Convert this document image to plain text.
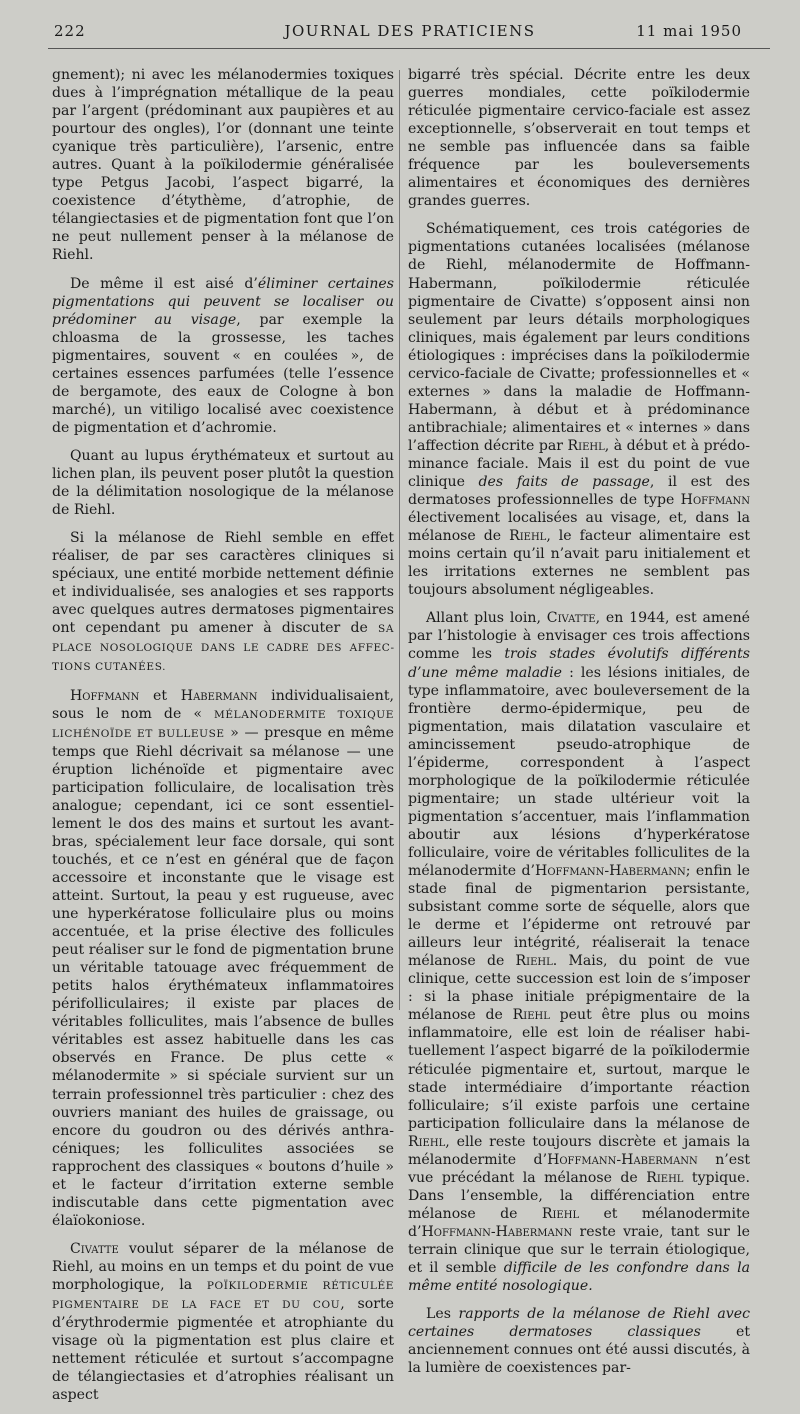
222	JOURNAL DES PRATICIENS	11 mai 1950

gnement); ni avec les mélanodermies toxiques dues à l’imprégnation métallique de la peau par l’argent (prédominant aux paupières et au pourtour des ongles), l’or (donnant une teinte cyanique très particulière), l’arsenic, entre autres. Quant à la poïkilodermie généralisée type Petgus Jacobi, l’aspect bigarré, la coexistence d’étythème, d’atrophie, de télangiectasies et de pigmentation font que l’on ne peut nullement penser à la mélanose de Riehl.

De même il est aisé d’éliminer certaines pigmentations qui peuvent se localiser ou prédominer au visage, par exemple la chloasma de la grossesse, les taches pigmentaires, souvent « en coulées », de certaines essences parfumées (telle l’essence de bergamote, des eaux de Cologne à bon marché), un vitiligo localisé avec coexistence de pigmentation et d’achromie.

Quant au lupus érythémateux et surtout au lichen plan, ils peuvent poser plutôt la question de la délimitation nosologique de la mélanose de Riehl.

Si la mélanose de Riehl semble en effet réaliser, de par ses caractères cliniques si spéciaux, une entité morbide nettement définie et individualisée, ses analogies et ses rapports avec quelques autres dermatoses pigmentaires ont cependant pu amener à discuter de SA PLACE NOSOLOGIQUE DANS LE CADRE DES AFFECTIONS CUTANÉES.

Hoffmann et Habermann individualisaient, sous le nom de « MÉLANODERMITE TOXIQUE LICHÉNOÏDE ET BULLEUSE » — presque en même temps que Riehl décrivait sa mélanose — une éruption lichénoïde et pigmentaire avec participation folliculaire, de localisation très analogue; cependant, ici ce sont essentiellement le dos des mains et surtout les avant-bras, spécialement leur face dorsale, qui sont touchés, et ce n’est en général que de façon accessoire et inconstante que le visage est atteint. Surtout, la peau y est rugueuse, avec une hyperkératose folliculaire plus ou moins accentuée, et la prise élective des follicules peut réaliser sur le fond de pigmentation brune un véritable tatouage avec fréquemment de petits halos érythémateux inflammatoires périfolliculaires; il existe par places de véritables folliculites, mais l’absence de bulles véritables est assez habituelle dans les cas observés en France. De plus cette « mélanodermite » si spéciale survient sur un terrain professionnel très particulier : chez des ouvriers maniant des huiles de graissage, ou encore du goudron ou des dérivés anthracéniques; les folliculites associées se rapprochent des classiques « boutons d’huile » et le facteur d’irritation externe semble indiscutable dans cette pigmentation avec élaïokoniose.

Civatte voulut séparer de la mélanose de Riehl, au moins en un temps et du point de vue morphologique, la POÏKILODERMIE RÉTICULÉE PIGMENTAIRE DE LA FACE ET DU COU, sorte d’érythrodermie pigmentée et atrophiante du visage où la pigmentation est plus claire et nettement réticulée et surtout s’accompagne de télangiectasies et d’atrophies réalisant un aspect

bigarré très spécial. Décrite entre les deux guerres mondiales, cette poïkilodermie réticulée pigmentaire cervico-faciale est assez exceptionnelle, s’observerait en tout temps et ne semble pas influencée dans sa faible fréquence par les bouleversements alimentaires et économiques des dernières grandes guerres.

Schématiquement, ces trois catégories de pigmentations cutanées localisées (mélanose de Riehl, mélanodermite de Hoffmann-Habermann, poïkilodermie réticulée pigmentaire de Civatte) s’opposent ainsi non seulement par leurs détails morphologiques cliniques, mais également par leurs conditions étiologiques : imprécises dans la poïkilodermie cervico-faciale de Civatte; professionnelles et « externes » dans la maladie de Hoffmann-Habermann, à début et à prédominance antibrachiale; alimentaires et « internes » dans l’affection décrite par Riehl, à début et à prédominance faciale. Mais il est du point de vue clinique des faits de passage, il est des dermatoses professionnelles de type Hoffmann électivement localisées au visage, et, dans la mélanose de Riehl, le facteur alimentaire est moins certain qu’il n’avait paru initialement et les irritations externes ne semblent pas toujours absolument négligeables.

Allant plus loin, Civatte, en 1944, est amené par l’histologie à envisager ces trois affections comme les trois stades évolutifs différents d’une même maladie : les lésions initiales, de type inflammatoire, avec bouleversement de la frontière dermo-épidermique, peu de pigmentation, mais dilatation vasculaire et amincissement pseudo-atrophique de l’épiderme, correspondent à l’aspect morphologique de la poïkilodermie réticulée pigmentaire; un stade ultérieur voit la pigmentation s’accentuer, mais l’inflammation aboutir aux lésions d’hyperkératose folliculaire, voire de véritables folliculites de la mélanodermite d’Hoffmann-Habermann; enfin le stade final de pigmentarion persistante, subsistant comme sorte de séquelle, alors que le derme et l’épiderme ont retrouvé par ailleurs leur intégrité, réaliserait la tenace mélanose de Riehl. Mais, du point de vue clinique, cette succession est loin de s’imposer : si la phase initiale prépigmentaire de la mélanose de Riehl peut être plus ou moins inflammatoire, elle est loin de réaliser habituellement l’aspect bigarré de la poïkilodermie réticulée pigmentaire et, surtout, marque le stade intermédiaire d’importante réaction folliculaire; s’il existe parfois une certaine participation folliculaire dans la mélanose de Riehl, elle reste toujours discrète et jamais la mélanodermite d’Hoffmann-Habermann n’est vue précédant la mélanose de Riehl typique. Dans l’ensemble, la différenciation entre mélanose de Riehl et mélanodermite d’Hoffmann-Habermann reste vraie, tant sur le terrain clinique que sur le terrain étiologique, et il semble difficile de les confondre dans la même entité nosologique.

Les rapports de la mélanose de Riehl avec certaines dermatoses classiques et anciennement connues ont été aussi discutés, à la lumière de coexistences par-
